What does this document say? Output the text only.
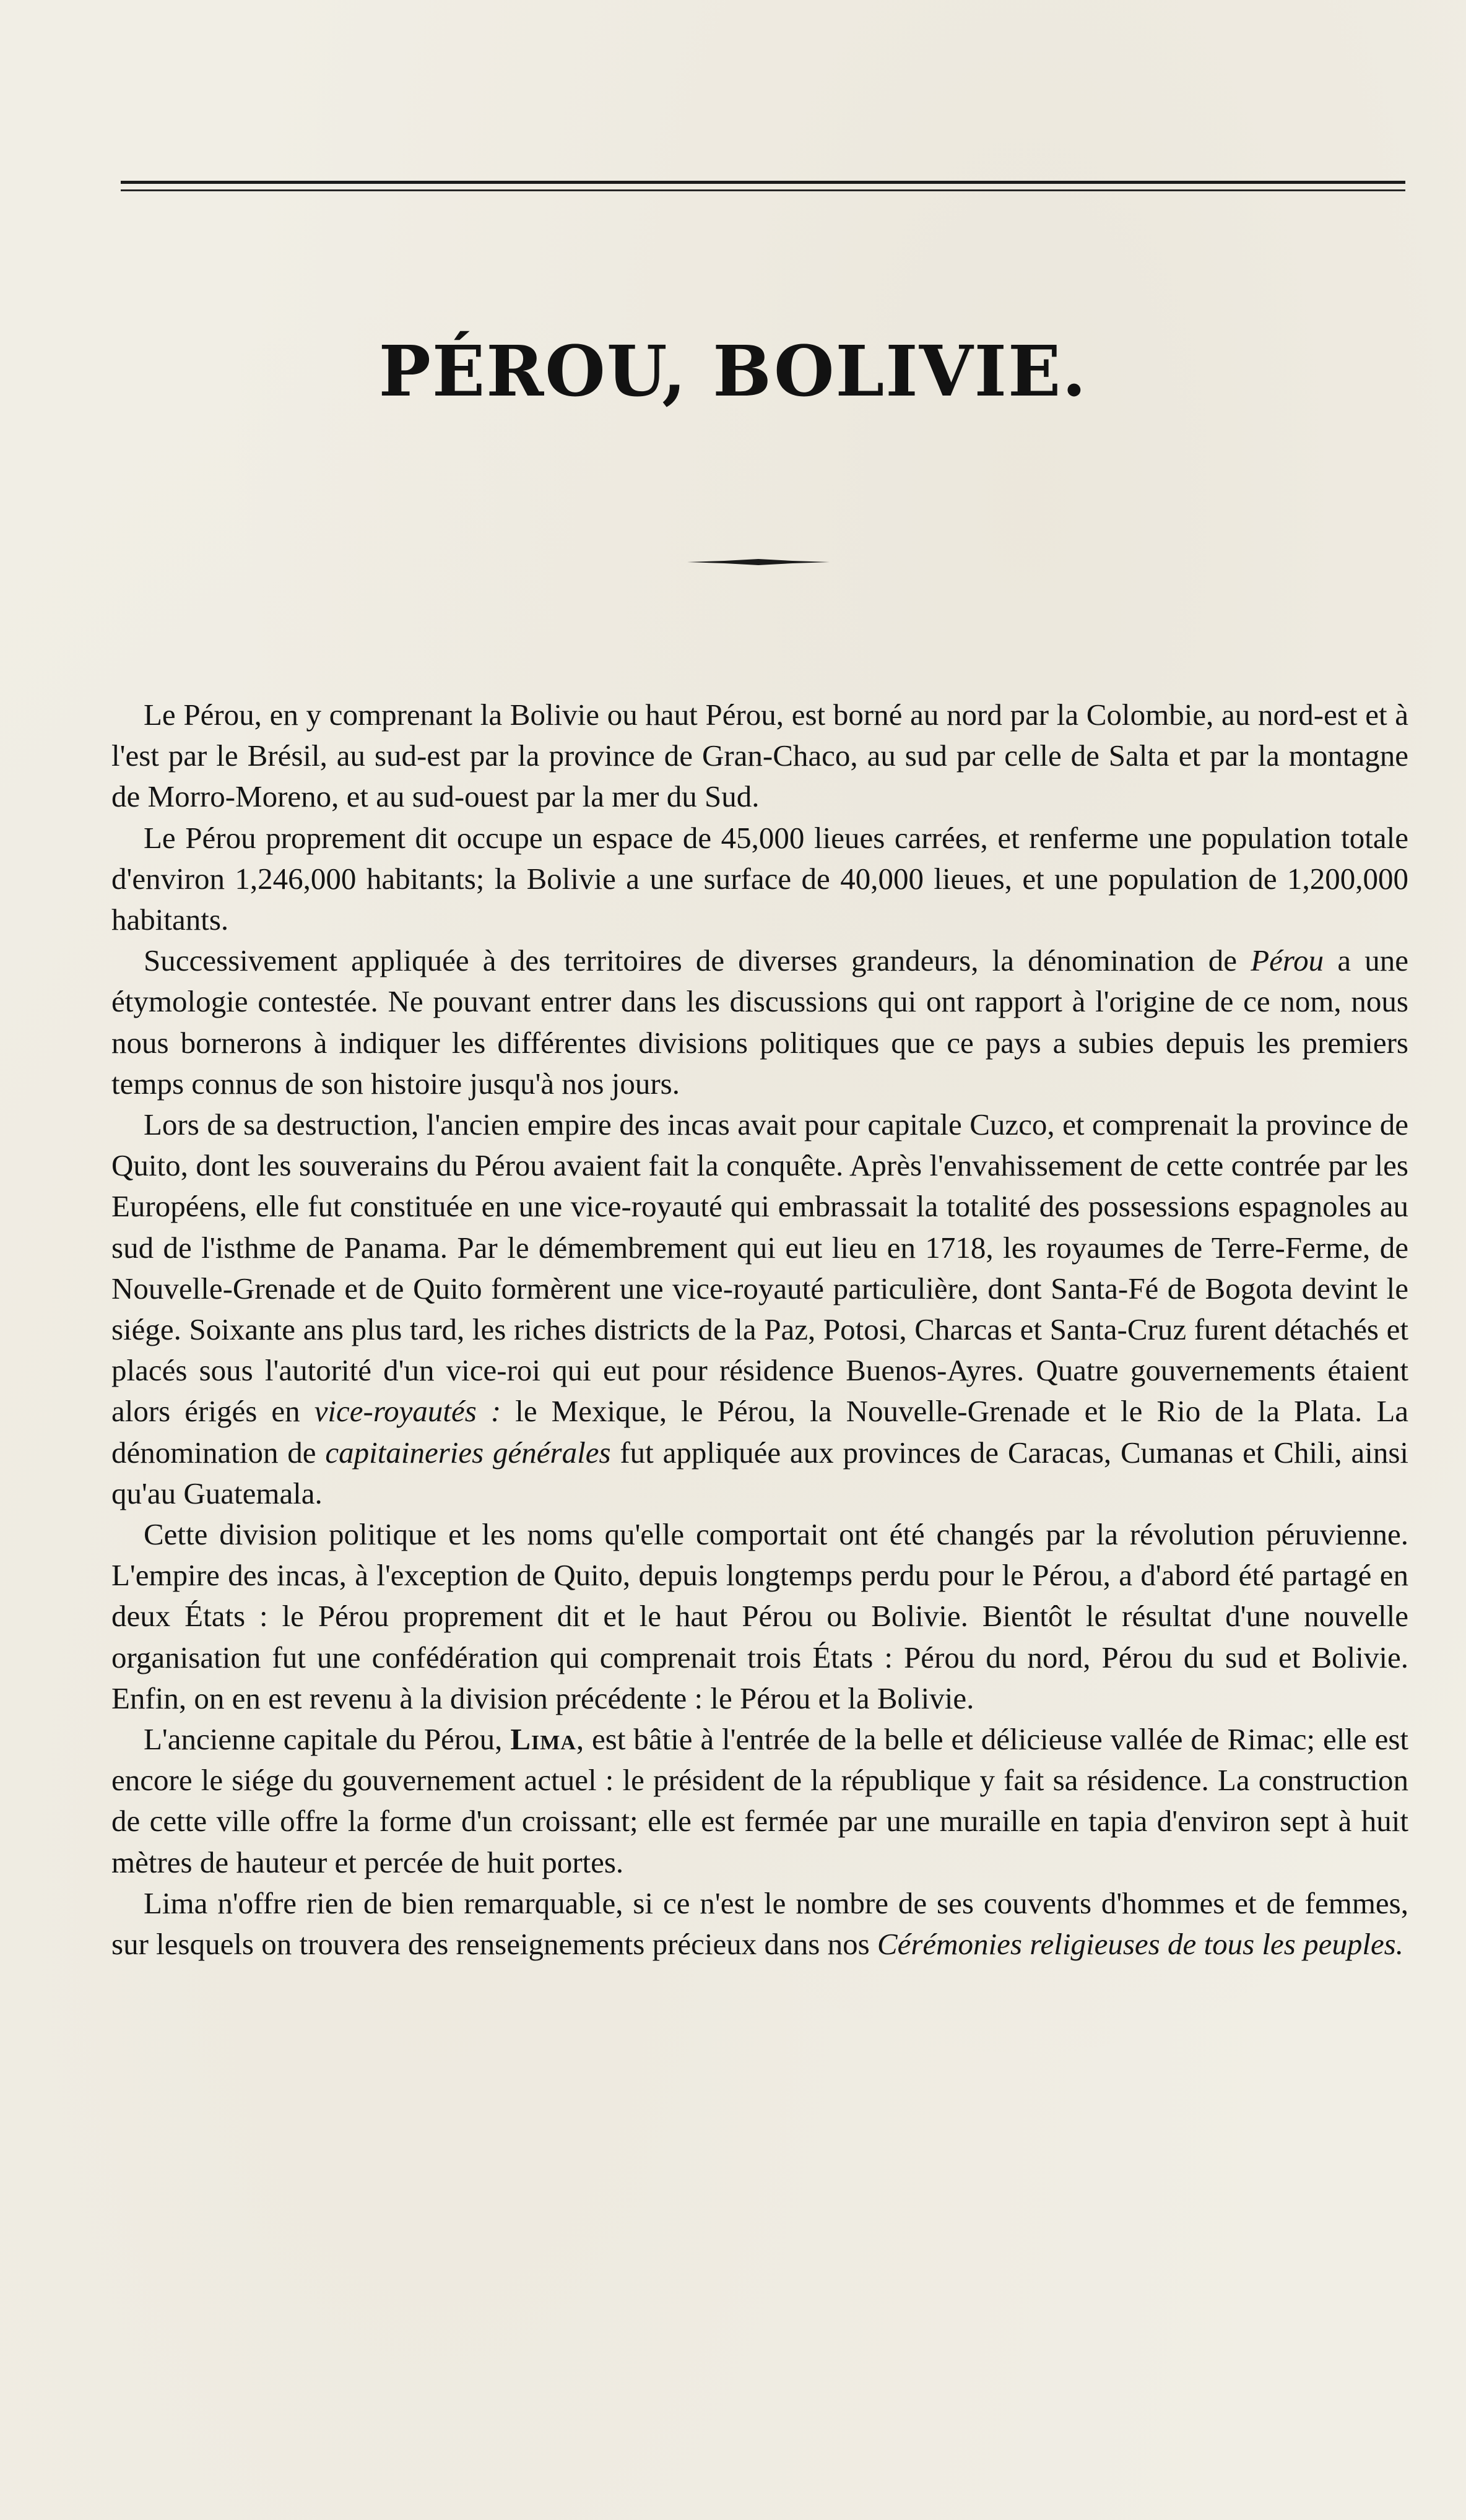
PÉROU, BOLIVIE.

Le Pérou, en y comprenant la Bolivie ou haut Pérou, est borné au nord par la Colombie, au nord-est et à l'est par le Brésil, au sud-est par la province de Gran-Chaco, au sud par celle de Salta et par la montagne de Morro-Moreno, et au sud-ouest par la mer du Sud.

Le Pérou proprement dit occupe un espace de 45,000 lieues carrées, et renferme une population totale d'environ 1,246,000 habitants; la Bolivie a une surface de 40,000 lieues, et une population de 1,200,000 habitants.

Successivement appliquée à des territoires de diverses grandeurs, la dénomination de Pérou a une étymologie contestée. Ne pouvant entrer dans les discussions qui ont rapport à l'origine de ce nom, nous nous bornerons à indiquer les différentes divisions politiques que ce pays a subies depuis les premiers temps connus de son histoire jusqu'à nos jours.

Lors de sa destruction, l'ancien empire des incas avait pour capitale Cuzco, et comprenait la province de Quito, dont les souverains du Pérou avaient fait la conquête. Après l'envahissement de cette contrée par les Européens, elle fut constituée en une vice-royauté qui embrassait la totalité des possessions espagnoles au sud de l'isthme de Panama. Par le démembrement qui eut lieu en 1718, les royaumes de Terre-Ferme, de Nouvelle-Grenade et de Quito formèrent une vice-royauté particulière, dont Santa-Fé de Bogota devint le siége. Soixante ans plus tard, les riches districts de la Paz, Potosi, Charcas et Santa-Cruz furent détachés et placés sous l'autorité d'un vice-roi qui eut pour résidence Buenos-Ayres. Quatre gouvernements étaient alors érigés en vice-royautés : le Mexique, le Pérou, la Nouvelle-Grenade et le Rio de la Plata. La dénomination de capitaineries générales fut appliquée aux provinces de Caracas, Cumanas et Chili, ainsi qu'au Guatemala.

Cette division politique et les noms qu'elle comportait ont été changés par la révolution péruvienne. L'empire des incas, à l'exception de Quito, depuis longtemps perdu pour le Pérou, a d'abord été partagé en deux États : le Pérou proprement dit et le haut Pérou ou Bolivie. Bientôt le résultat d'une nouvelle organisation fut une confédération qui comprenait trois États : Pérou du nord, Pérou du sud et Bolivie. Enfin, on en est revenu à la division précédente : le Pérou et la Bolivie.

L'ancienne capitale du Pérou, Lima, est bâtie à l'entrée de la belle et délicieuse vallée de Rimac; elle est encore le siége du gouvernement actuel : le président de la république y fait sa résidence. La construction de cette ville offre la forme d'un croissant; elle est fermée par une muraille en tapia d'environ sept à huit mètres de hauteur et percée de huit portes.

Lima n'offre rien de bien remarquable, si ce n'est le nombre de ses couvents d'hommes et de femmes, sur lesquels on trouvera des renseignements précieux dans nos Cérémonies religieuses de tous les peuples.
